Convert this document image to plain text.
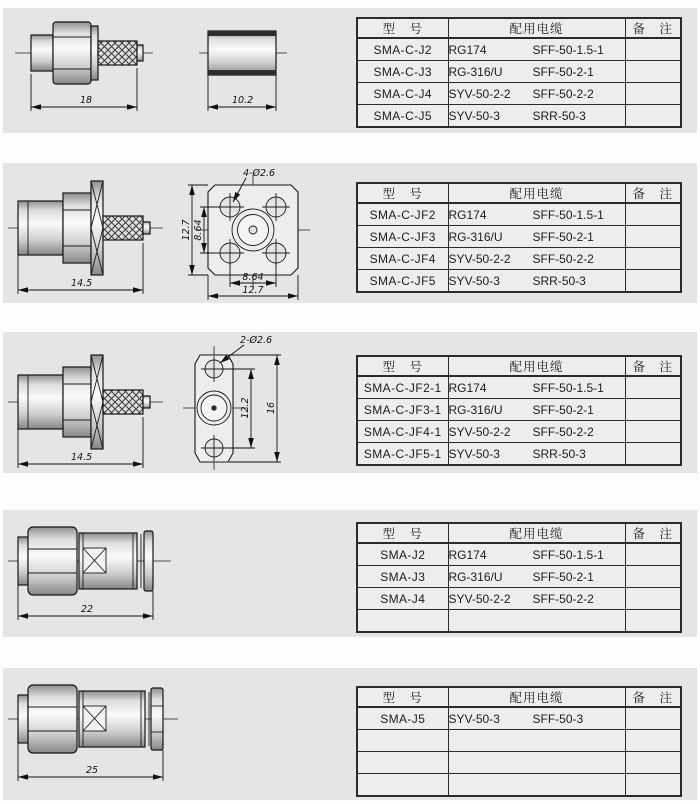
18	10.2
型　号	配用电缆	备　注
SMA-C-J2	RG174 SFF-50-1.5-1	
SMA-C-J3	RG-316/U SFF-50-2-1	
SMA-C-J4	SYV-50-2-2 SFF-50-2-2	
SMA-C-J5	SYV-50-3 SRR-50-3	
14.5
4-Ø2.6
12.7 8.64
8.64
12.7
型　号	配用电缆	备　注
SMA-C-JF2	RG174 SFF-50-1.5-1	
SMA-C-JF3	RG-316/U SFF-50-2-1	
SMA-C-JF4	SYV-50-2-2 SFF-50-2-2	
SMA-C-JF5	SYV-50-3 SRR-50-3	
14.5
2-Ø2.6
12.2 16
型　号	配用电缆	备　注
SMA-C-JF2-1	RG174 SFF-50-1.5-1	
SMA-C-JF3-1	RG-316/U SFF-50-2-1	
SMA-C-JF4-1	SYV-50-2-2 SFF-50-2-2	
SMA-C-JF5-1	SYV-50-3 SRR-50-3	
22
型　号	配用电缆	备　注
SMA-J2	RG174 SFF-50-1.5-1	
SMA-J3	RG-316/U SFF-50-2-1	
SMA-J4	SYV-50-2-2 SFF-50-2-2	

25
型　号	配用电缆	备　注
SMA-J5	SYV-50-3 SFF-50-3	
